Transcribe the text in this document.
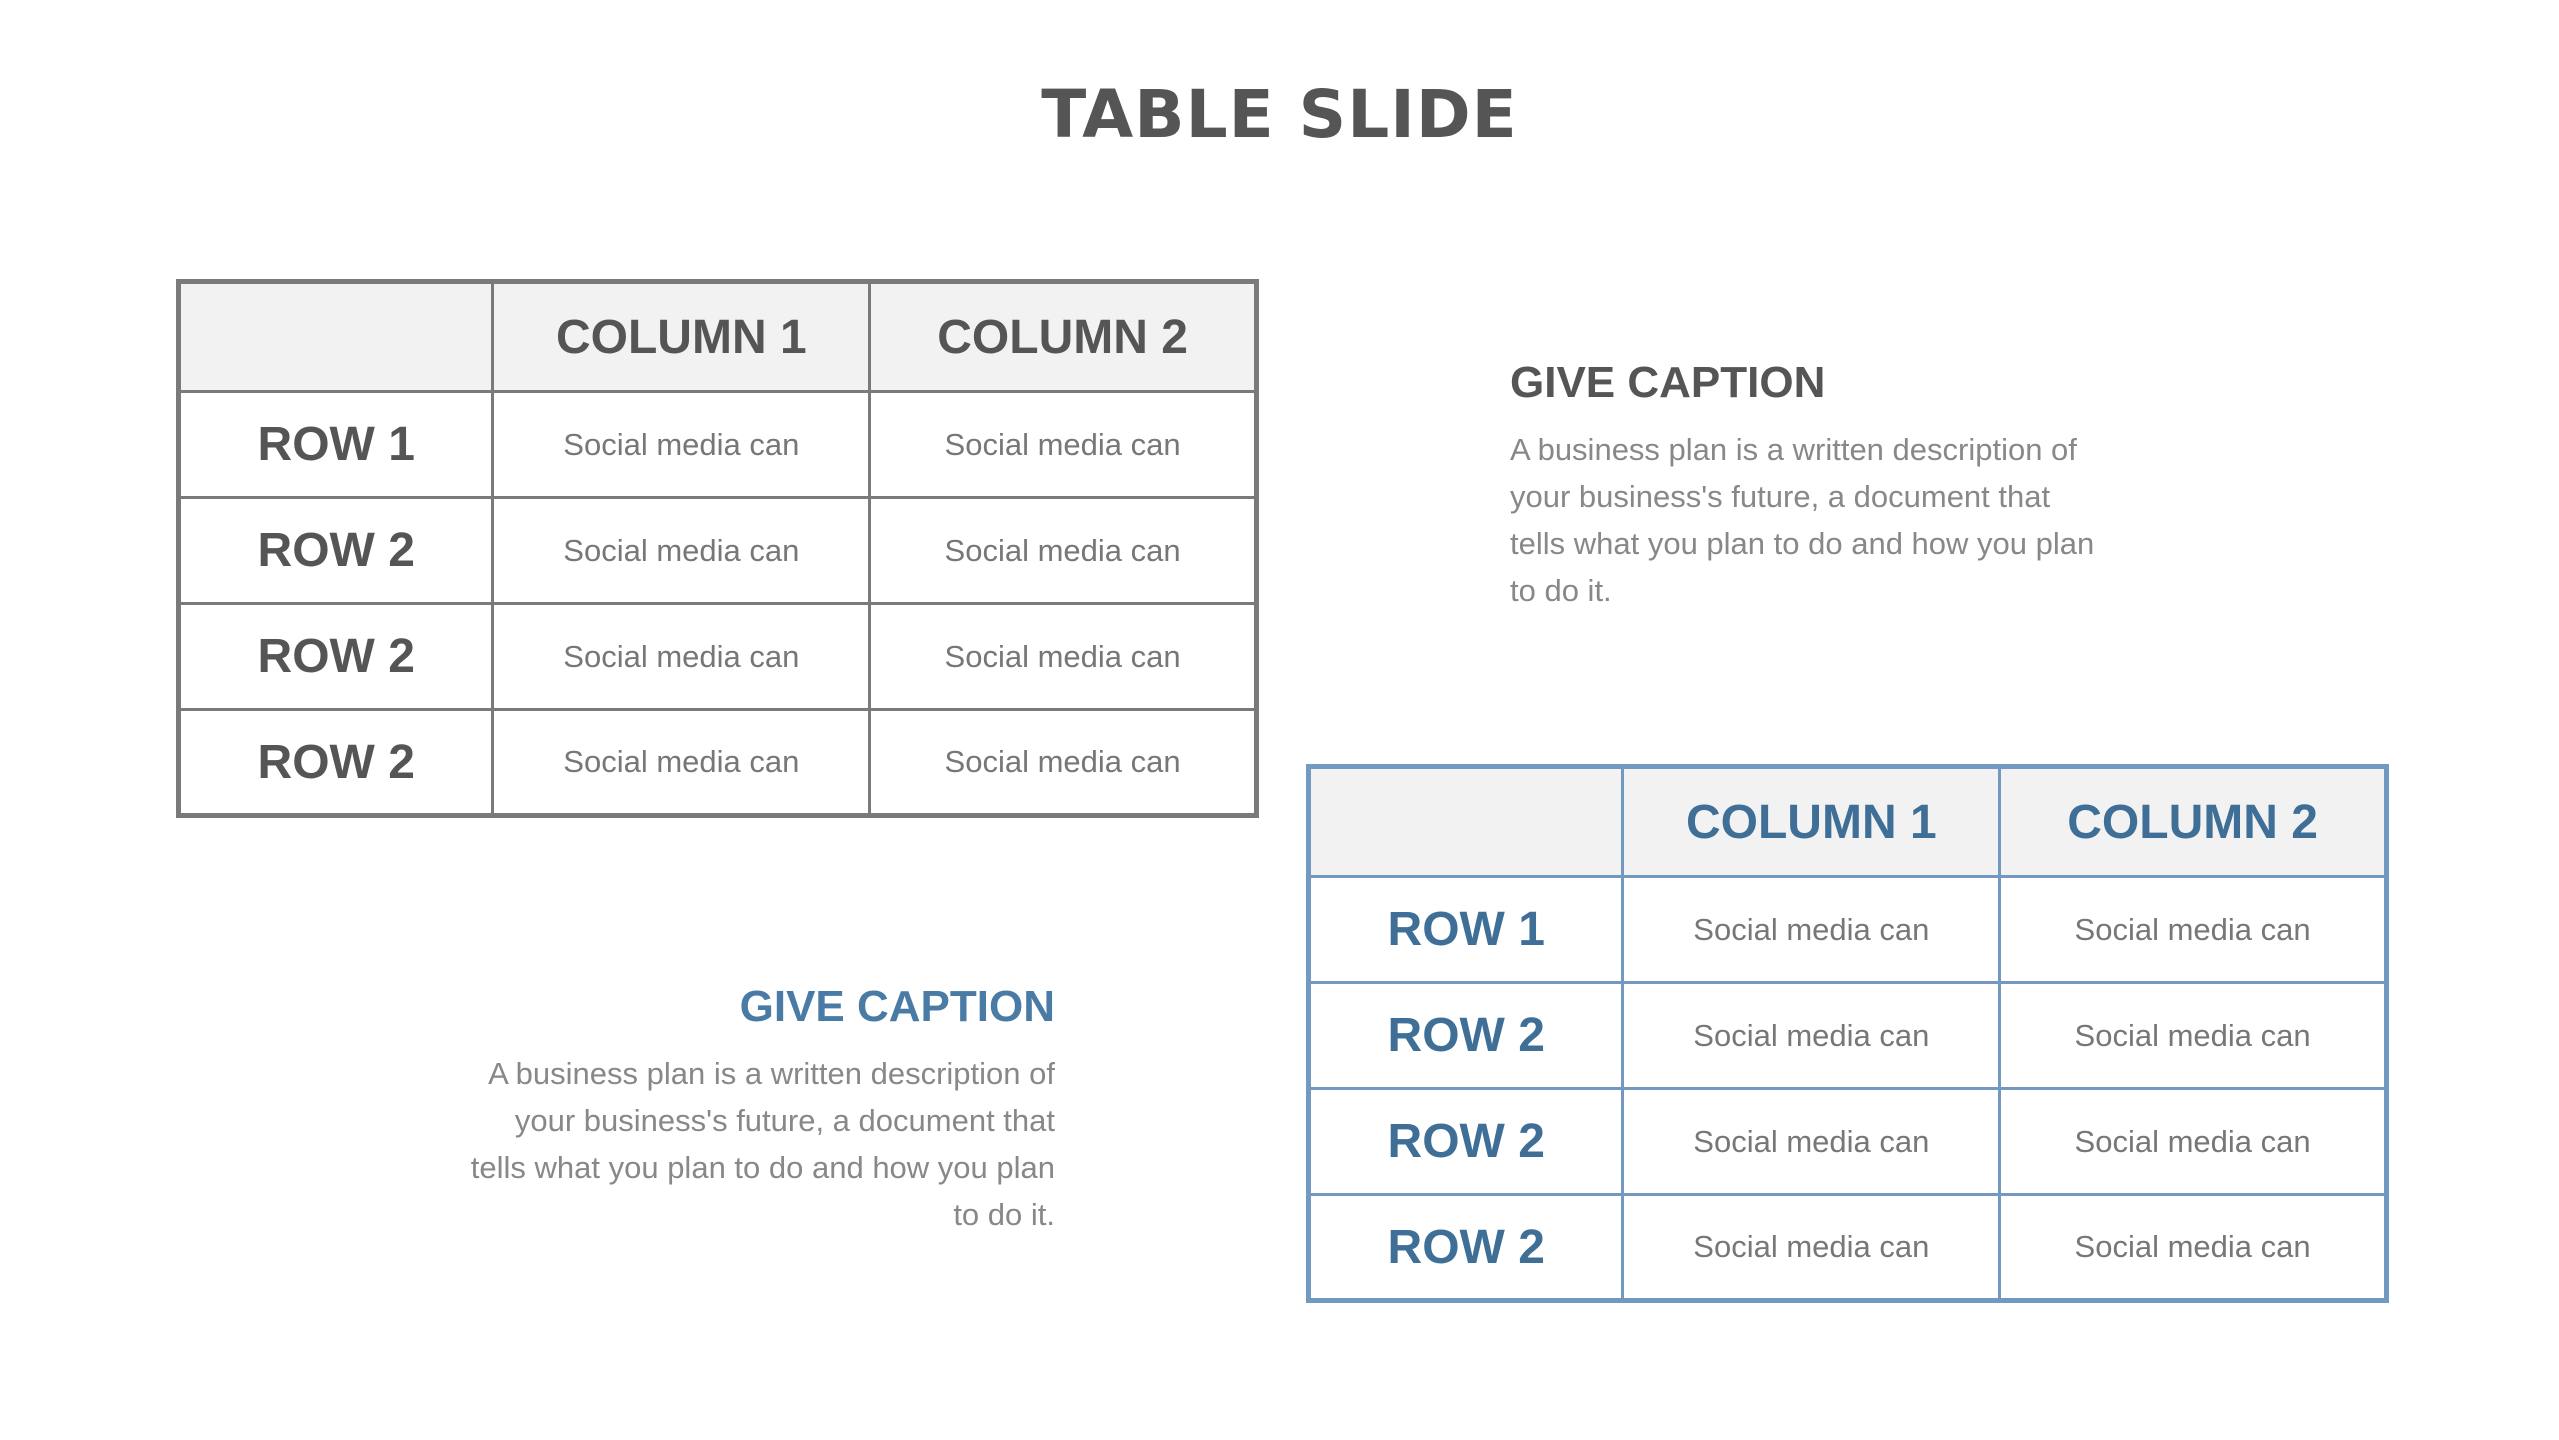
TABLE SLIDE
	COLUMN 1	COLUMN 2
ROW 1	Social media can	Social media can
ROW 2	Social media can	Social media can
ROW 2	Social media can	Social media can
ROW 2	Social media can	Social media can
GIVE CAPTION
A business plan is a written description of
your business's future, a document that
tells what you plan to do and how you plan
to do it.
GIVE CAPTION
A business plan is a written description of
your business's future, a document that
tells what you plan to do and how you plan
to do it.
	COLUMN 1	COLUMN 2
ROW 1	Social media can	Social media can
ROW 2	Social media can	Social media can
ROW 2	Social media can	Social media can
ROW 2	Social media can	Social media can
